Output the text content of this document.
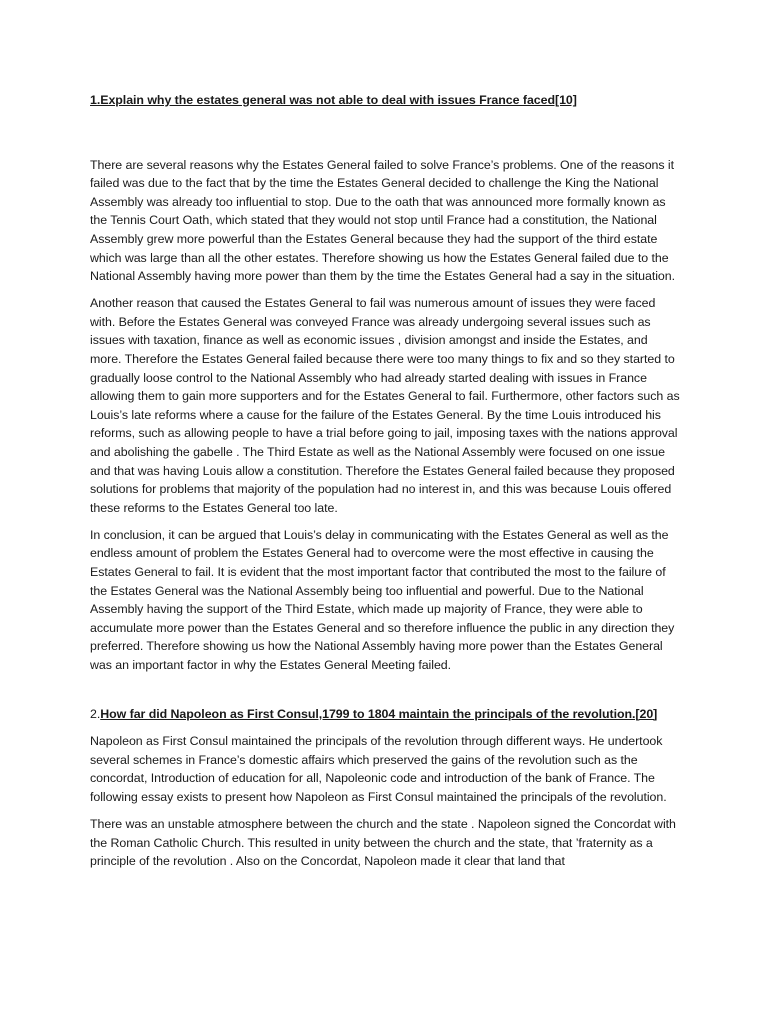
1.Explain why the estates general was not able to deal with issues France faced[10]

There are several reasons why the Estates General failed to solve France’s problems. One of the reasons it failed was due to the fact that by the time the Estates General decided to challenge the King the National Assembly was already too influential to stop. Due to the oath that was announced more formally known as the Tennis Court Oath, which stated that they would not stop until France had a constitution, the National Assembly grew more powerful than the Estates General because they had the support of the third estate which was large than all the other estates. Therefore showing us how the Estates General failed due to the National Assembly having more power than them by the time the Estates General had a say in the situation.

Another reason that caused the Estates General to fail was numerous amount of issues they were faced with. Before the Estates General was conveyed France was already undergoing several issues such as issues with taxation, finance as well as economic issues , division amongst and inside the Estates, and more. Therefore the Estates General failed because there were too many things to fix and so they started to gradually loose control to the National Assembly who had already started dealing with issues in France allowing them to gain more supporters and for the Estates General to fail. Furthermore, other factors such as Louis’s late reforms where a cause for the failure of the Estates General. By the time Louis introduced his reforms, such as allowing people to have a trial before going to jail, imposing taxes with the nations approval and abolishing the gabelle . The Third Estate as well as the National Assembly were focused on one issue and that was having Louis allow a constitution. Therefore the Estates General failed because they proposed solutions for problems that majority of the population had no interest in, and this was because Louis offered these reforms to the Estates General too late.

In conclusion, it can be argued that Louis’s delay in communicating with the Estates General as well as the endless amount of problem the Estates General had to overcome were the most effective in causing the Estates General to fail. It is evident that the most important factor that contributed the most to the failure of the Estates General was the National Assembly being too influential and powerful. Due to the National Assembly having the support of the Third Estate, which made up majority of France, they were able to accumulate more power than the Estates General and so therefore influence the public in any direction they preferred. Therefore showing us how the National Assembly having more power than the Estates General was an important factor in why the Estates General Meeting failed.

2.How far did Napoleon as First Consul,1799 to 1804 maintain the principals of the revolution.[20]

Napoleon as First Consul maintained the principals of the revolution through different ways. He undertook several schemes in France’s domestic affairs which preserved the gains of the revolution such as the concordat, Introduction of education for all, Napoleonic code and introduction of the bank of France. The following essay exists to present how Napoleon as First Consul maintained the principals of the revolution.

There was an unstable atmosphere between the church and the state . Napoleon signed the Concordat with the Roman Catholic Church. This resulted in unity between the church and the state, that ’fraternity as a principle of the revolution . Also on the Concordat, Napoleon made it clear that land that
